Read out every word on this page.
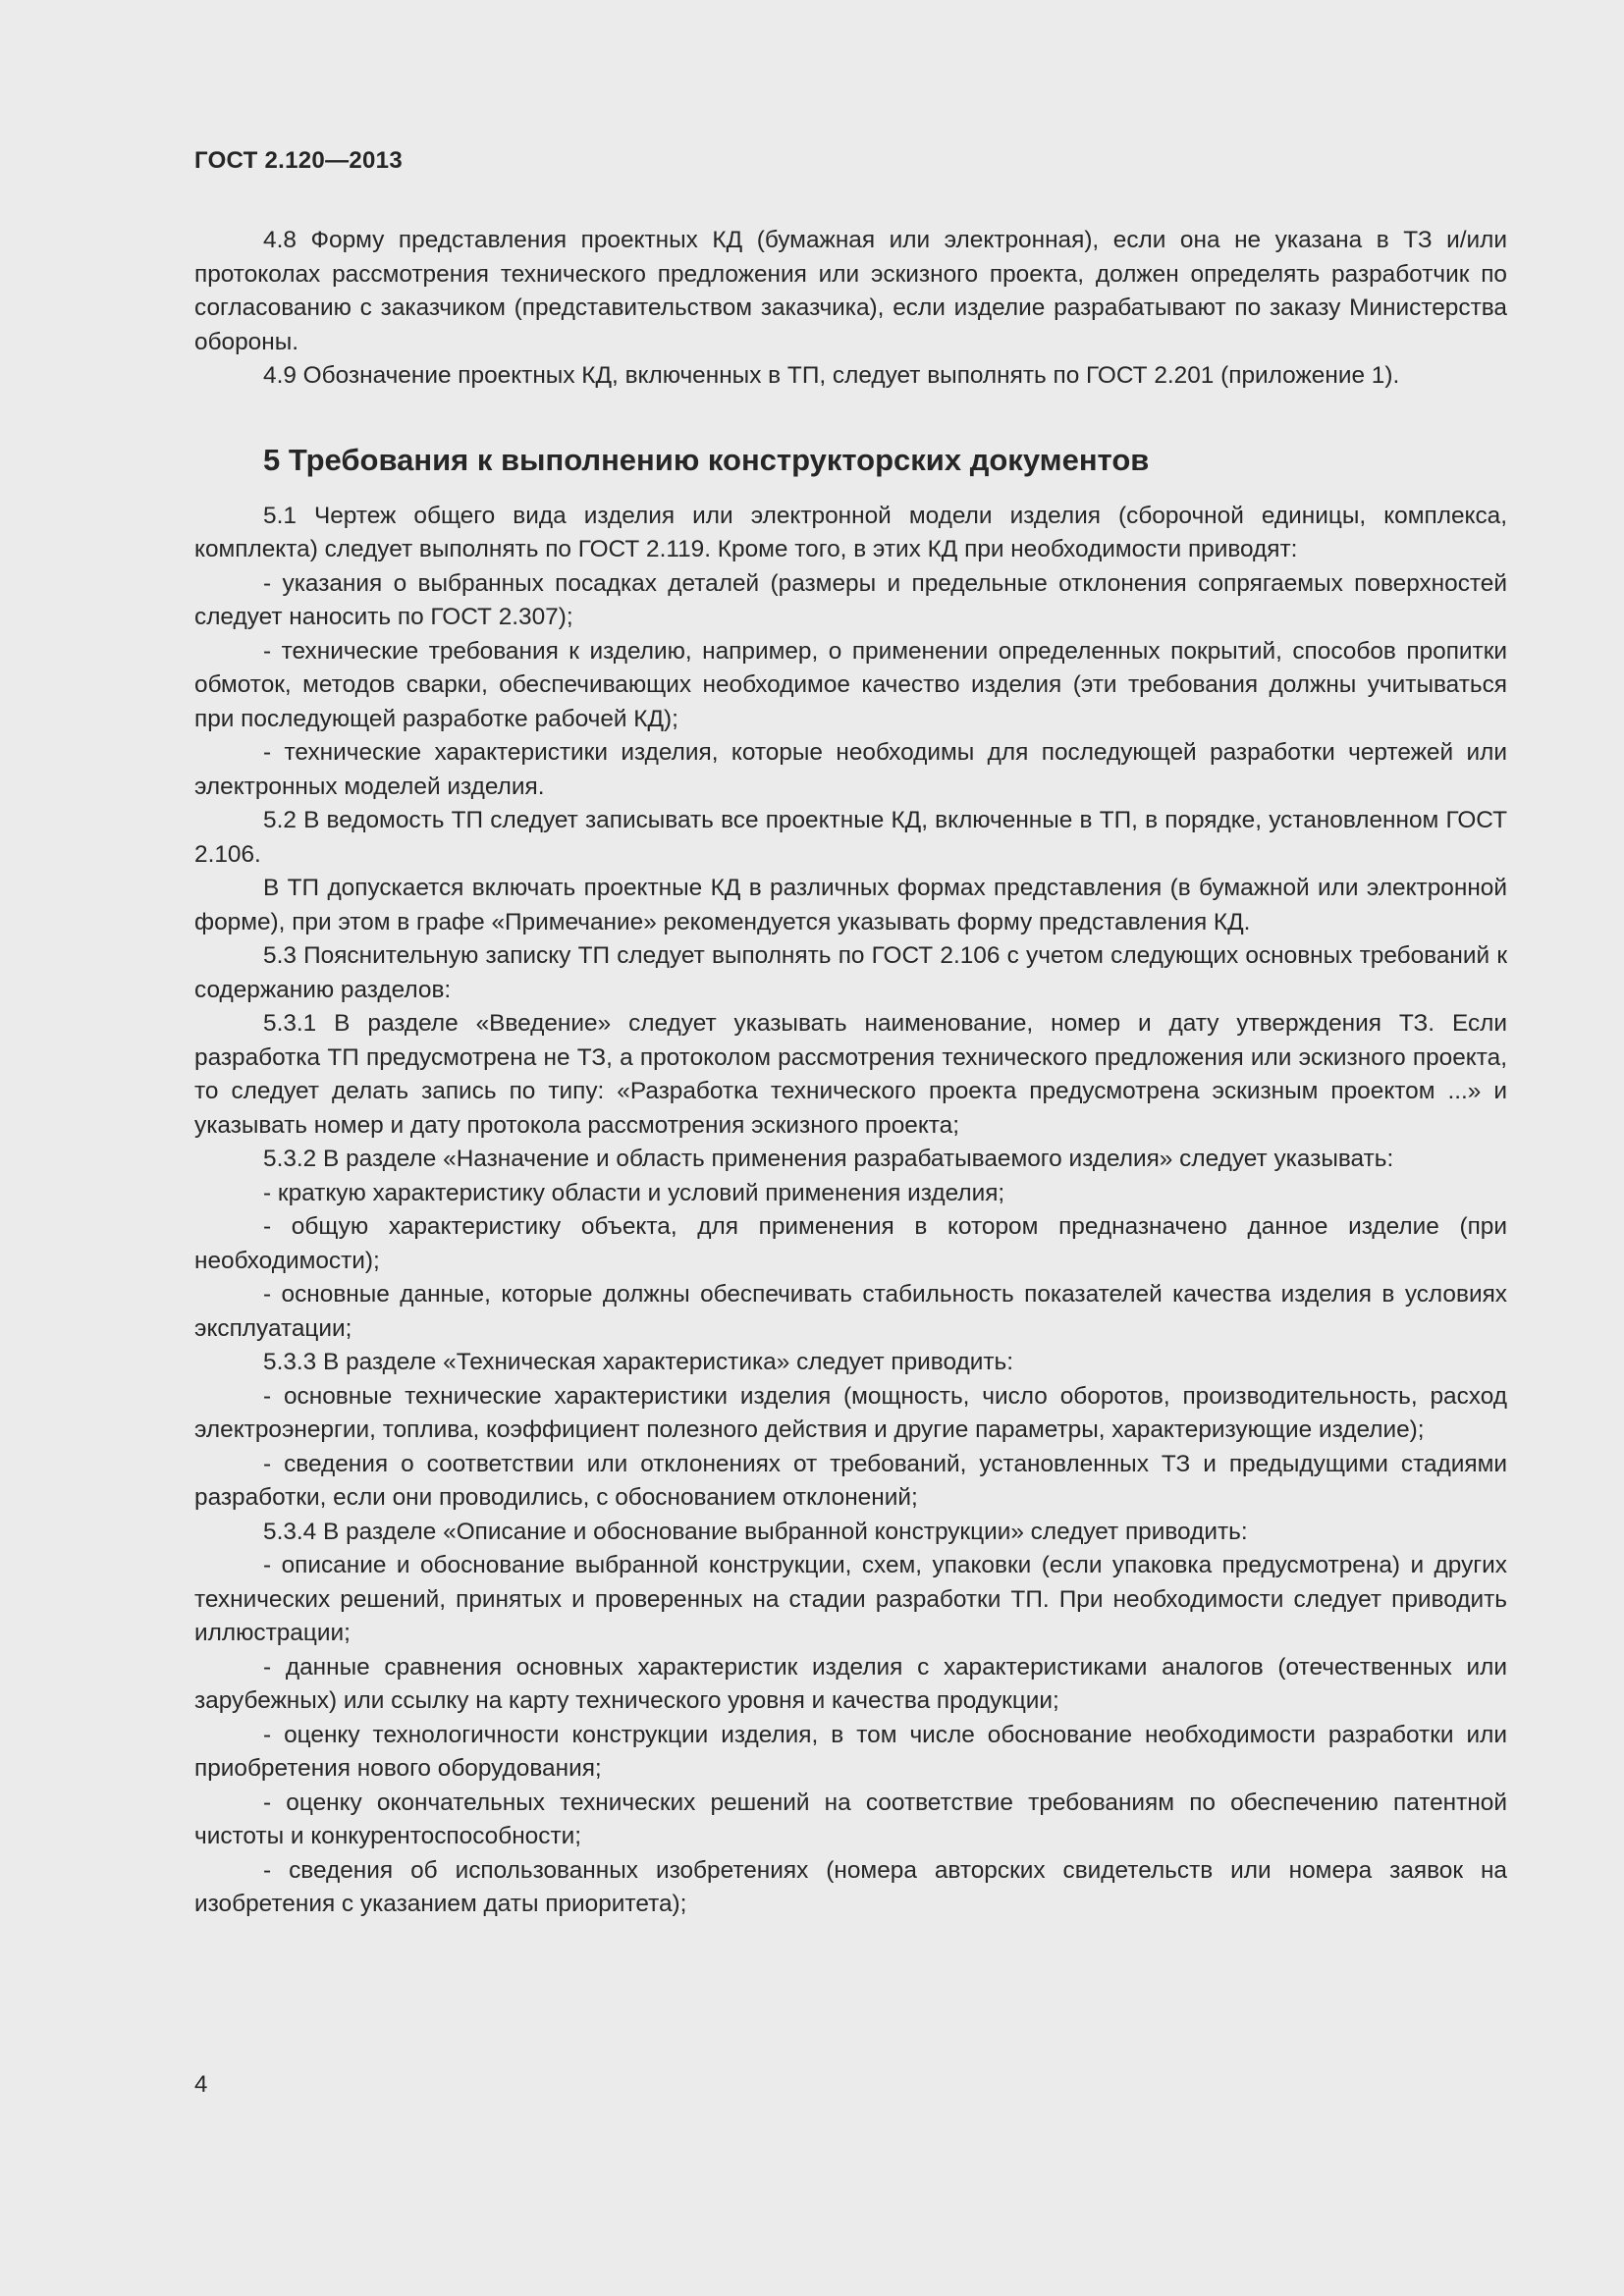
ГОСТ 2.120—2013

4.8 Форму представления проектных КД (бумажная или электронная), если она не указана в ТЗ и/или протоколах рассмотрения технического предложения или эскизного проекта, должен определять разработчик по согласованию с заказчиком (представительством заказчика), если изделие разрабатывают по заказу Министерства обороны.

4.9 Обозначение проектных КД, включенных в ТП, следует выполнять по ГОСТ 2.201 (приложение 1).

5 Требования к выполнению конструкторских документов

5.1 Чертеж общего вида изделия или электронной модели изделия (сборочной единицы, комплекса, комплекта) следует выполнять по ГОСТ 2.119. Кроме того, в этих КД при необходимости приводят:

- указания о выбранных посадках деталей (размеры и предельные отклонения сопрягаемых поверхностей следует наносить по ГОСТ 2.307);

- технические требования к изделию, например, о применении определенных покрытий, способов пропитки обмоток, методов сварки, обеспечивающих необходимое качество изделия (эти требования должны учитываться при последующей разработке рабочей КД);

- технические характеристики изделия, которые необходимы для последующей разработки чертежей или электронных моделей изделия.

5.2 В ведомость ТП следует записывать все проектные КД, включенные в ТП, в порядке, установленном ГОСТ 2.106.

В ТП допускается включать проектные КД в различных формах представления (в бумажной или электронной форме), при этом в графе «Примечание» рекомендуется указывать форму представления КД.

5.3 Пояснительную записку ТП следует выполнять по ГОСТ 2.106 с учетом следующих основных требований к содержанию разделов:

5.3.1 В разделе «Введение» следует указывать наименование, номер и дату утверждения ТЗ. Если разработка ТП предусмотрена не ТЗ, а протоколом рассмотрения технического предложения или эскизного проекта, то следует делать запись по типу: «Разработка технического проекта предусмотрена эскизным проектом ...» и указывать номер и дату протокола рассмотрения эскизного проекта;

5.3.2 В разделе «Назначение и область применения разрабатываемого изделия» следует указывать:

- краткую характеристику области и условий применения изделия;

- общую характеристику объекта, для применения в котором предназначено данное изделие (при необходимости);

- основные данные, которые должны обеспечивать стабильность показателей качества изделия в условиях эксплуатации;

5.3.3 В разделе «Техническая характеристика» следует приводить:

- основные технические характеристики изделия (мощность, число оборотов, производительность, расход электроэнергии, топлива, коэффициент полезного действия и другие параметры, характеризующие изделие);

- сведения о соответствии или отклонениях от требований, установленных ТЗ и предыдущими стадиями разработки, если они проводились, с обоснованием отклонений;

5.3.4 В разделе «Описание и обоснование выбранной конструкции» следует приводить:

- описание и обоснование выбранной конструкции, схем, упаковки (если упаковка предусмотрена) и других технических решений, принятых и проверенных на стадии разработки ТП. При необходимости следует приводить иллюстрации;

- данные сравнения основных характеристик изделия с характеристиками аналогов (отечественных или зарубежных) или ссылку на карту технического уровня и качества продукции;

- оценку технологичности конструкции изделия, в том числе обоснование необходимости разработки или приобретения нового оборудования;

- оценку окончательных технических решений на соответствие требованиям по обеспечению патентной чистоты и конкурентоспособности;

- сведения об использованных изобретениях (номера авторских свидетельств или номера заявок на изобретения с указанием даты приоритета);

4
